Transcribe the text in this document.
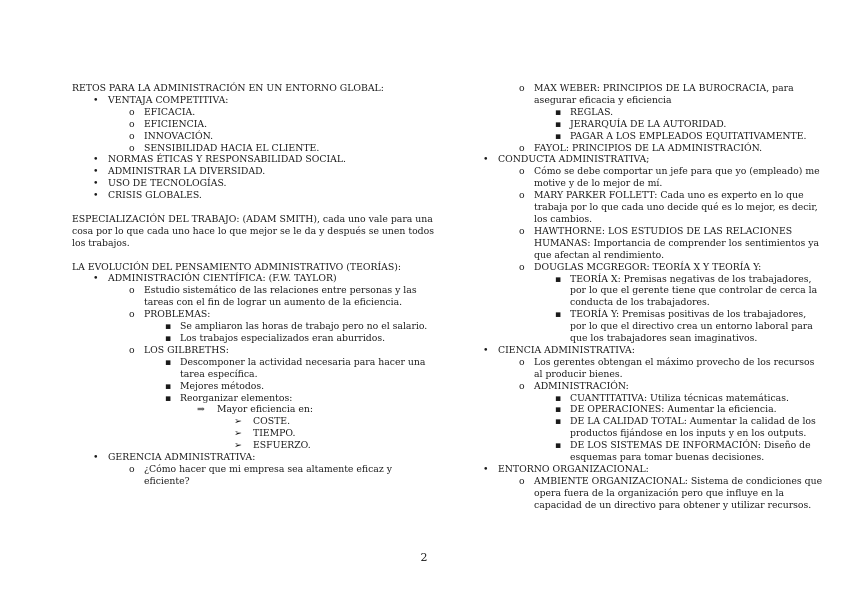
RETOS PARA LA ADMINISTRACIÓN EN UN ENTORNO GLOBAL:
• VENTAJA COMPETITIVA:
o EFICACIA.
o EFICIENCIA.
o INNOVACIÓN.
o SENSIBILIDAD HACIA EL CLIENTE.
• NORMAS ÉTICAS Y RESPONSABILIDAD SOCIAL.
• ADMINISTRAR LA DIVERSIDAD.
• USO DE TECNOLOGÍAS.
• CRISIS GLOBALES.
ESPECIALIZACIÓN DEL TRABAJO: (ADAM SMITH), cada uno vale para una
cosa por lo que cada uno hace lo que mejor se le da y después se unen todos
los trabajos.
LA EVOLUCIÓN DEL PENSAMIENTO ADMINISTRATIVO (TEORÍAS):
• ADMINISTRACIÓN CIENTÍFICA: (F.W. TAYLOR)
o Estudio sistemático de las relaciones entre personas y las
tareas con el fin de lograr un aumento de la eficiencia.
o PROBLEMAS:
▪ Se ampliaron las horas de trabajo pero no el salario.
▪ Los trabajos especializados eran aburridos.
o LOS GILBRETHS:
▪ Descomponer la actividad necesaria para hacer una
tarea específica.
▪ Mejores métodos.
▪ Reorganizar elementos:
⇒ Mayor eficiencia en:
➢ COSTE.
➢ TIEMPO.
➢ ESFUERZO.
• GERENCIA ADMINISTRATIVA:
o ¿Cómo hacer que mi empresa sea altamente eficaz y
eficiente?
o MAX WEBER: PRINCIPIOS DE LA BUROCRACIA, para
asegurar eficacia y eficiencia
▪ REGLAS.
▪ JERARQUÍA DE LA AUTORIDAD.
▪ PAGAR A LOS EMPLEADOS EQUITATIVAMENTE.
o FAYOL: PRINCIPIOS DE LA ADMINISTRACIÓN.
• CONDUCTA ADMINISTRATIVA;
o Cómo se debe comportar un jefe para que yo (empleado) me
motive y de lo mejor de mí.
o MARY PARKER FOLLETT: Cada uno es experto en lo que
trabaja por lo que cada uno decide qué es lo mejor, es decir,
los cambios.
o HAWTHORNE: LOS ESTUDIOS DE LAS RELACIONES
HUMANAS: Importancia de comprender los sentimientos ya
que afectan al rendimiento.
o DOUGLAS MCGREGOR: TEORÍA X Y TEORÍA Y:
▪ TEORÍA X: Premisas negativas de los trabajadores,
por lo que el gerente tiene que controlar de cerca la
conducta de los trabajadores.
▪ TEORÍA Y: Premisas positivas de los trabajadores,
por lo que el directivo crea un entorno laboral para
que los trabajadores sean imaginativos.
• CIENCIA ADMINISTRATIVA:
o Los gerentes obtengan el máximo provecho de los recursos
al producir bienes.
o ADMINISTRACIÓN:
▪ CUANTITATIVA: Utiliza técnicas matemáticas.
▪ DE OPERACIONES: Aumentar la eficiencia.
▪ DE LA CALIDAD TOTAL: Aumentar la calidad de los
productos fijándose en los inputs y en los outputs.
▪ DE LOS SISTEMAS DE INFORMACIÓN: Diseño de
esquemas para tomar buenas decisiones.
• ENTORNO ORGANIZACIONAL:
o AMBIENTE ORGANIZACIONAL: Sistema de condiciones que
opera fuera de la organización pero que influye en la
capacidad de un directivo para obtener y utilizar recursos.
2
